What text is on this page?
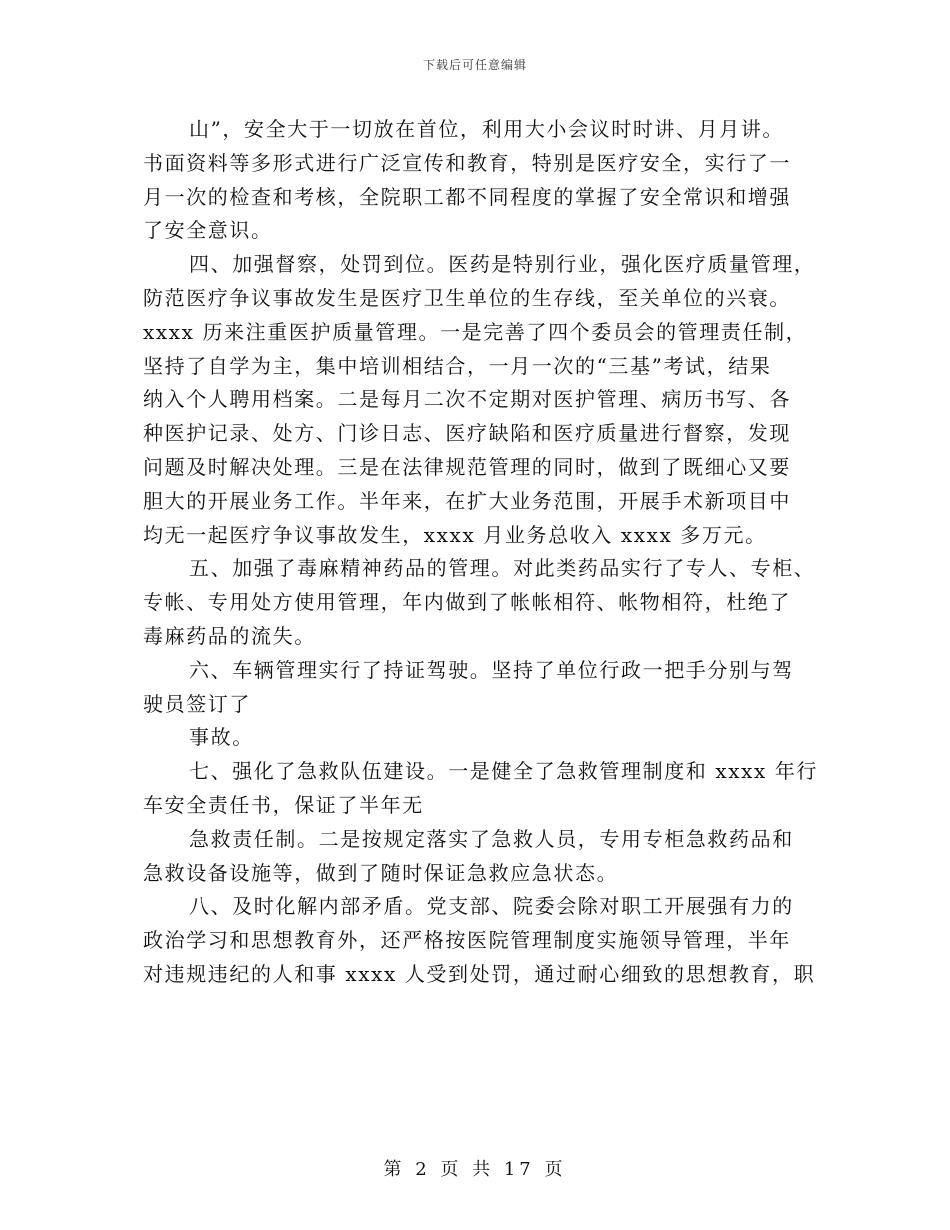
下载后可任意编辑
山”，安全大于一切放在首位，利用大小会议时时讲、月月讲。
书面资料等多形式进行广泛宣传和教育，特别是医疗安全，实行了一
月一次的检查和考核，全院职工都不同程度的掌握了安全常识和增强
了安全意识。
四、加强督察，处罚到位。医药是特别行业，强化医疗质量管理，
防范医疗争议事故发生是医疗卫生单位的生存线，至关单位的兴衰。
xxxx 历来注重医护质量管理。一是完善了四个委员会的管理责任制，
坚持了自学为主，集中培训相结合，一月一次的“三基”考试，结果
纳入个人聘用档案。二是每月二次不定期对医护管理、病历书写、各
种医护记录、处方、门诊日志、医疗缺陷和医疗质量进行督察，发现
问题及时解决处理。三是在法律规范管理的同时，做到了既细心又要
胆大的开展业务工作。半年来，在扩大业务范围，开展手术新项目中
均无一起医疗争议事故发生，xxxx 月业务总收入 xxxx 多万元。
五、加强了毒麻精神药品的管理。对此类药品实行了专人、专柜、
专帐、专用处方使用管理，年内做到了帐帐相符、帐物相符，杜绝了
毒麻药品的流失。
六、车辆管理实行了持证驾驶。坚持了单位行政一把手分别与驾
驶员签订了
事故。
七、强化了急救队伍建设。一是健全了急救管理制度和 xxxx 年行
车安全责任书，保证了半年无
急救责任制。二是按规定落实了急救人员，专用专柜急救药品和
急救设备设施等，做到了随时保证急救应急状态。
八、及时化解内部矛盾。党支部、院委会除对职工开展强有力的
政治学习和思想教育外，还严格按医院管理制度实施领导管理，半年
对违规违纪的人和事 xxxx 人受到处罚，通过耐心细致的思想教育，职
第 2 页 共 17 页
